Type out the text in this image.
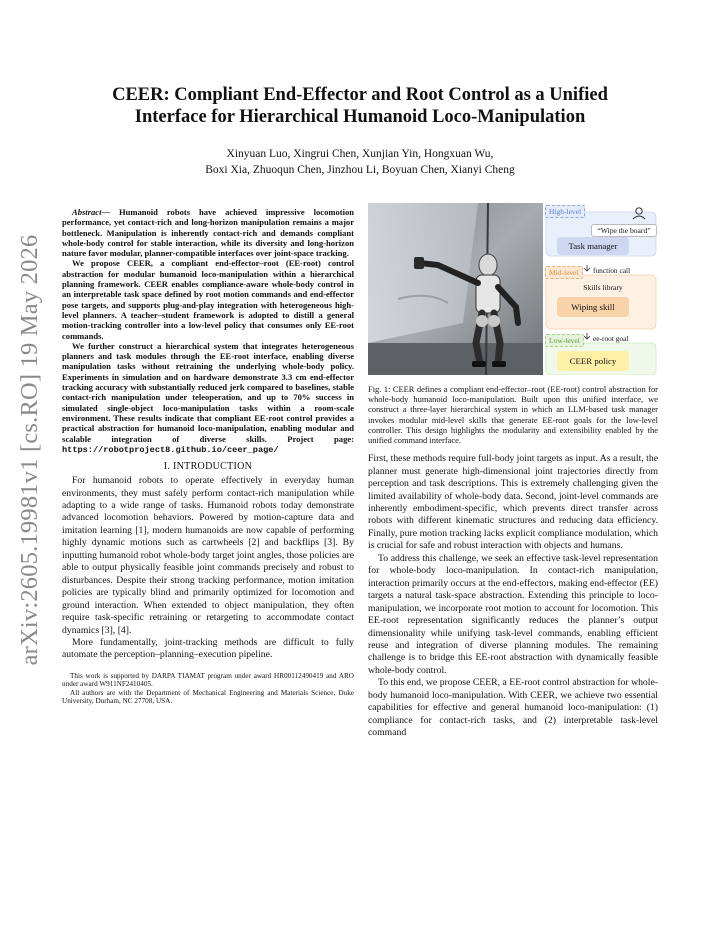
arXiv:2605.19981v1 [cs.RO] 19 May 2026
CEER: Compliant End-Effector and Root Control as a Unified
Interface for Hierarchical Humanoid Loco-Manipulation
Xinyuan Luo, Xingrui Chen, Xunjian Yin, Hongxuan Wu,
Boxi Xia, Zhuoqun Chen, Jinzhou Li, Boyuan Chen, Xianyi Cheng

Abstract— Humanoid robots have achieved impressive locomotion performance, yet contact-rich and long-horizon manipulation remains a major bottleneck. Manipulation is inherently contact-rich and demands compliant whole-body control for stable interaction, while its diversity and long-horizon nature favor modular, planner-compatible interfaces over joint-space tracking.

We propose CEER, a compliant end-effector–root (EE-root) control abstraction for modular humanoid loco-manipulation within a hierarchical planning framework. CEER enables compliance-aware whole-body control in an interpretable task space defined by root motion commands and end-effector pose targets, and supports plug-and-play integration with heterogeneous high-level planners. A teacher–student framework is adopted to distill a general motion-tracking controller into a low-level policy that consumes only EE-root commands.

We further construct a hierarchical system that integrates heterogeneous planners and task modules through the EE-root interface, enabling diverse manipulation tasks without retraining the underlying whole-body policy. Experiments in simulation and on hardware demonstrate 3.3 cm end-effector tracking accuracy with substantially reduced jerk compared to baselines, stable contact-rich manipulation under teleoperation, and up to 70% success in simulated single-object loco-manipulation tasks within a room-scale environment. These results indicate that compliant EE-root control provides a practical abstraction for humanoid loco-manipulation, enabling modular and scalable integration of diverse skills. Project page: https://robotproject8.github.io/ceer_page/

I. INTRODUCTION

For humanoid robots to operate effectively in everyday human environments, they must safely perform contact-rich manipulation while adapting to a wide range of tasks. Humanoid robots today demonstrate advanced locomotion behaviors. Powered by motion-capture data and imitation learning [1], modern humanoids are now capable of performing highly dynamic motions such as cartwheels [2] and backflips [3]. By inputting humanoid robot whole-body target joint angles, those policies are able to output physically feasible joint commands precisely and robust to disturbances. Despite their strong tracking performance, motion imitation policies are typically blind and primarily optimized for locomotion and ground interaction. When extended to object manipulation, they often require task-specific retraining or retargeting to accommodate contact dynamics [3], [4].

More fundamentally, joint-tracking methods are difficult to fully automate the perception–planning–execution pipeline.

This work is supported by DARPA TIAMAT program under award HR00112490419 and ARO under award W911NF2410405.
All authors are with the Department of Mechanical Engineering and Materials Science, Duke University, Durham, NC 27708, USA.
High-level
“Wipe the board”
Task manager
Mid-level	function call
Skills library
Wiping skill
Low-level	ee-root goal
CEER policy
Fig. 1: CEER defines a compliant end-effector–root (EE-root) control abstraction for whole-body humanoid loco-manipulation. Built upon this unified interface, we construct a three-layer hierarchical system in which an LLM-based task manager invokes modular mid-level skills that generate EE-root goals for the low-level controller. This design highlights the modularity and extensibility enabled by the unified command interface.

First, these methods require full-body joint targets as input. As a result, the planner must generate high-dimensional joint trajectories directly from perception and task descriptions. This is extremely challenging given the limited availability of whole-body data. Second, joint-level commands are inherently embodiment-specific, which prevents direct transfer across robots with different kinematic structures and reducing data efficiency. Finally, pure motion tracking lacks explicit compliance modulation, which is crucial for safe and robust interaction with objects and humans.

To address this challenge, we seek an effective task-level representation for whole-body loco-manipulation. In contact-rich manipulation, interaction primarily occurs at the end-effectors, making end-effector (EE) targets a natural task-space abstraction. Extending this principle to loco-manipulation, we incorporate root motion to account for locomotion. This EE-root representation significantly reduces the planner’s output dimensionality while unifying task-level commands, enabling efficient reuse and integration of diverse planning modules. The remaining challenge is to bridge this EE-root abstraction with dynamically feasible whole-body control.

To this end, we propose CEER, a EE-root control abstraction for whole-body humanoid loco-manipulation. With CEER, we achieve two essential capabilities for effective and general humanoid loco-manipulation: (1) compliance for contact-rich tasks, and (2) interpretable task-level command
